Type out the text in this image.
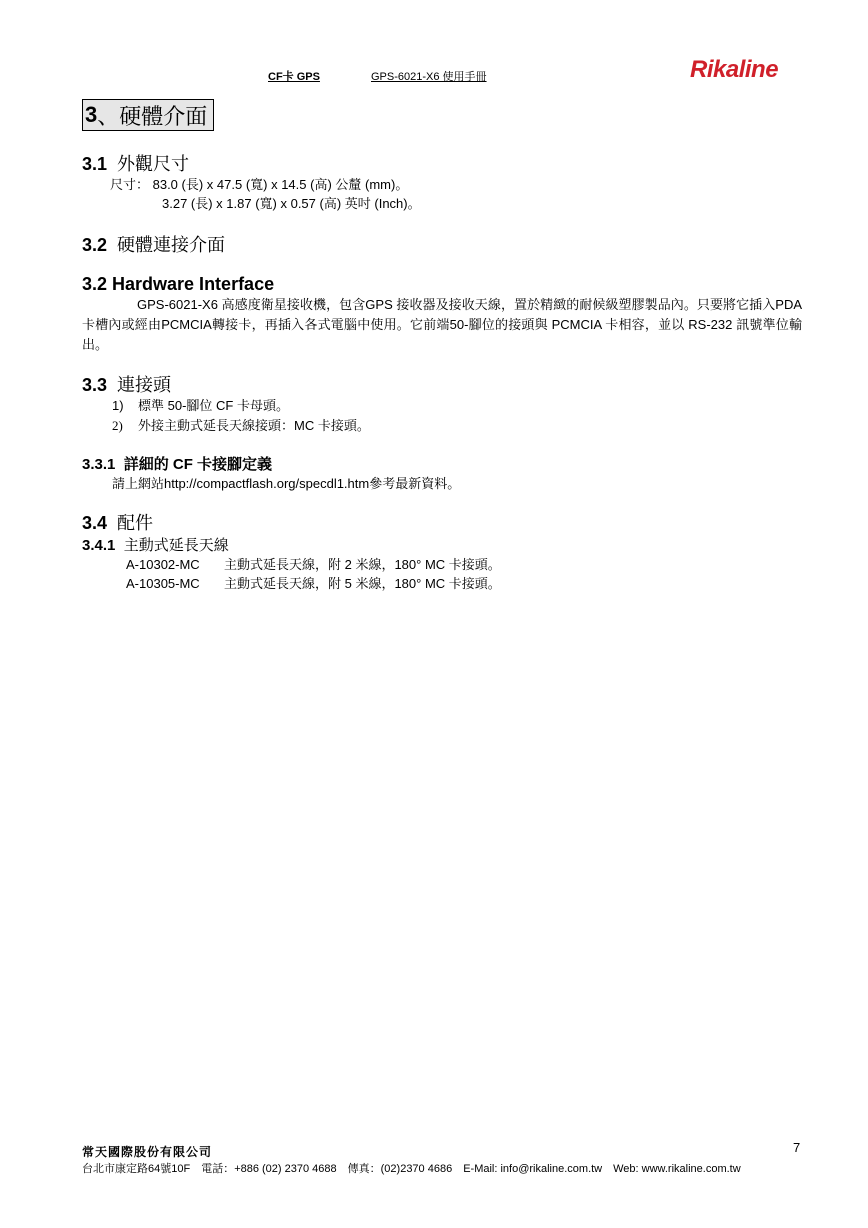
CF卡 GPS	GPS-6021-X6 使用手冊	Rikaline
3 、硬體介面
3.1 外觀尺寸
尺寸： 83.0 (長) x 47.5 (寬) x 14.5 (高) 公釐 (mm)。
3.27 (長) x 1.87 (寬) x 0.57 (高) 英吋 (Inch)。
3.2 硬體連接介面
3.2 Hardware Interface
GPS-6021-X6 高感度衛星接收機，包含GPS 接收器及接收天線，置於精緻的耐候級塑膠製品內。只要將它插入PDA卡槽內或經由PCMCIA轉接卡，再插入各式電腦中使用。它前端50-腳位的接頭與 PCMCIA 卡相容，並以 RS-232 訊號準位輸出。
3.3 連接頭
1) 標準 50-腳位 CF 卡母頭。
2) 外接主動式延長天線接頭：MC 卡接頭。
3.3.1 詳細的 CF 卡接腳定義
請上網站http://compactflash.org/specdl1.htm參考最新資料。
3.4 配件
3.4.1 主動式延長天線
A-10302-MC 主動式延長天線，附 2 米線，180° MC 卡接頭。
A-10305-MC 主動式延長天線，附 5 米線，180° MC 卡接頭。
常天國際股份有限公司	7
台北市康定路64號10F　電話：+886 (02) 2370 4688　傳真：(02)2370 4686　E-Mail: info@rikaline.com.tw　Web: www.rikaline.com.tw
